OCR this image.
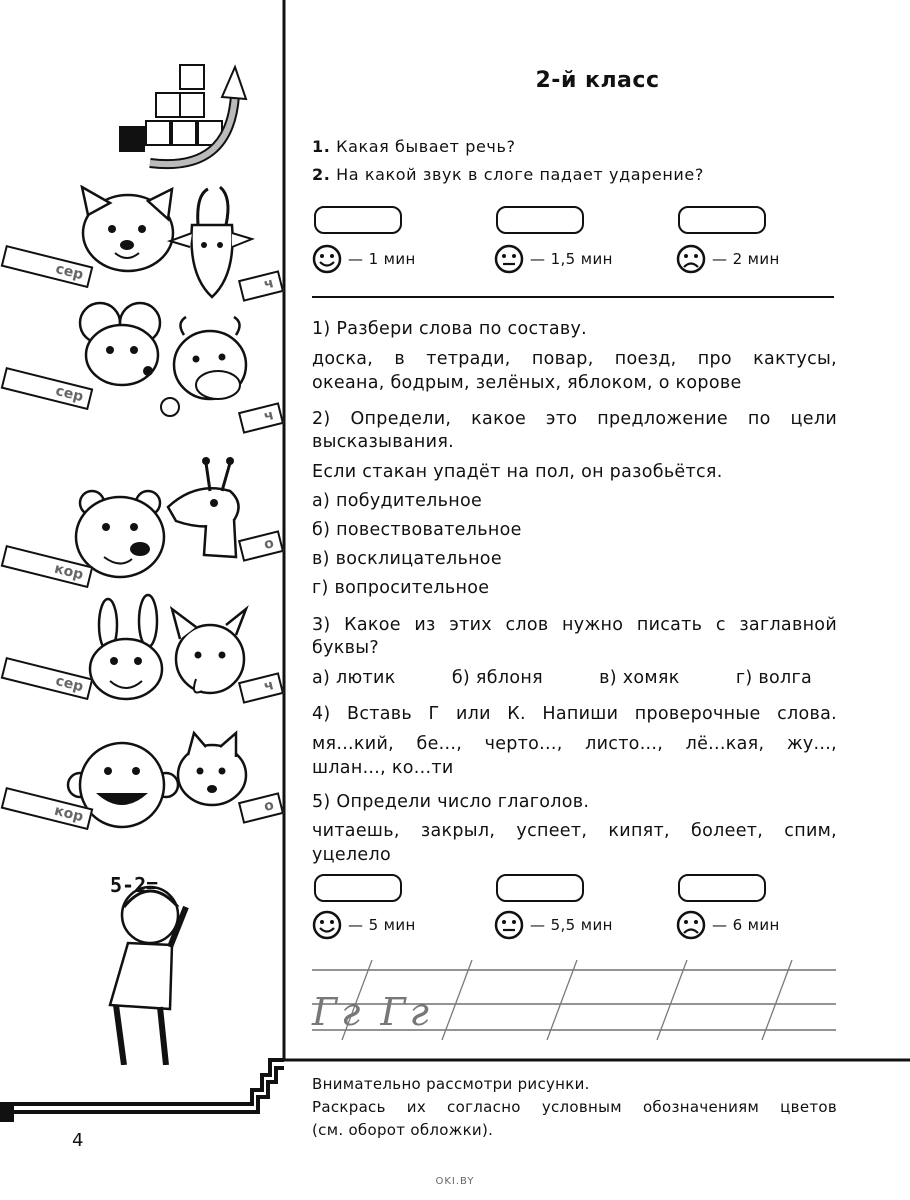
сер
ч
сер
ч
кор
о
сер	ч
кор	о
5-2=
2-й класс
1. Какая бывает речь?
2. На какой звук в слоге падает ударение?
— 1 мин	— 1,5 мин	— 2 мин
1) Разбери слова по составу.
доска, в тетради, повар, поезд, про кактусы,
океана, бодрым, зелёных, яблоком, о корове
2) Определи, какое это предложение по цели
высказывания.
Если стакан упадёт на пол, он разобьётся.
а) побудительное
б) повествовательное
в) восклицательное
г) вопросительное
3) Какое из этих слов нужно писать с заглавной
буквы?
а) лютик	б) яблоня	в) хомяк	г) волга
4) Вставь Г или К. Напиши проверочные слова.
мя...кий, бе..., черто..., листо..., лё...кая, жу...,
шлан..., ко...ти
5) Определи число глаголов.
читаешь, закрыл, успеет, кипят, болеет, спим,
уцелело
— 5 мин	— 5,5 мин	— 6 мин
Гг Гг
Внимательно рассмотри рисунки.
Раскрась их согласно условным обозначениям цветов
(см. оборот обложки).
4
OKI.BY
